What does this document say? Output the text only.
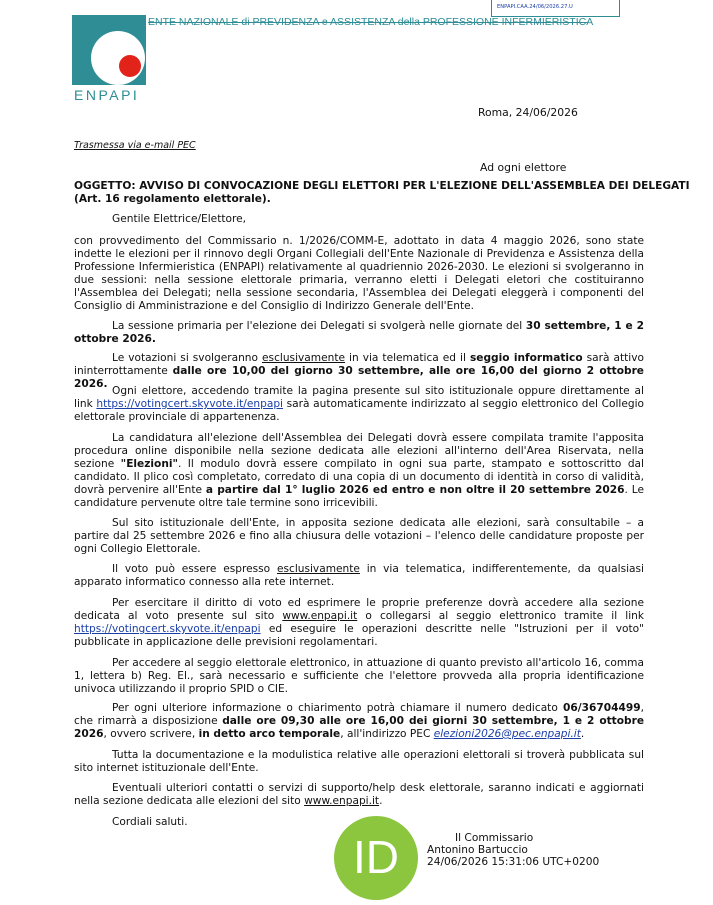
ENPAPI
ENTE NAZIONALE di PREVIDENZA e ASSISTENZA della PROFESSIONE INFERMIERISTICA
ENPAPI.CAA.24/06/2026.27.U
Roma, 24/06/2026
Trasmessa via e-mail PEC
Ad ogni elettore
OGGETTO: AVVISO DI CONVOCAZIONE DEGLI ELETTORI PER L'ELEZIONE DELL'ASSEMBLEA DEI DELEGATI
(Art. 16 regolamento elettorale).
Gentile Elettrice/Elettore,

con provvedimento del Commissario n. 1/2026/COMM-E, adottato in data 4 maggio 2026, sono state indette le elezioni per il rinnovo degli Organi Collegiali dell'Ente Nazionale di Previdenza e Assistenza della Professione Infermieristica (ENPAPI) relativamente al quadriennio 2026-2030. Le elezioni si svolgeranno in due sessioni: nella sessione elettorale primaria, verranno eletti i Delegati eletori che costituiranno l'Assemblea dei Delegati; nella sessione secondaria, l'Assemblea dei Delegati eleggerà i componenti del Consiglio di Amministrazione e del Consiglio di Indirizzo Generale dell'Ente.

La sessione primaria per l'elezione dei Delegati si svolgerà nelle giornate del 30 settembre, 1 e 2 ottobre 2026.

Le votazioni si svolgeranno esclusivamente in via telematica ed il seggio informatico sarà attivo ininterrottamente dalle ore 10,00 del giorno 30 settembre, alle ore 16,00 del giorno 2 ottobre 2026.

Ogni elettore, accedendo tramite la pagina presente sul sito istituzionale oppure direttamente al link https://votingcert.skyvote.it/enpapi sarà automaticamente indirizzato al seggio elettronico del Collegio elettorale provinciale di appartenenza.

La candidatura all'elezione dell'Assemblea dei Delegati dovrà essere compilata tramite l'apposita procedura online disponibile nella sezione dedicata alle elezioni all'interno dell'Area Riservata, nella sezione "Elezioni". Il modulo dovrà essere compilato in ogni sua parte, stampato e sottoscritto dal candidato. Il plico così completato, corredato di una copia di un documento di identità in corso di validità, dovrà pervenire all'Ente a partire dal 1° luglio 2026 ed entro e non oltre il 20 settembre 2026. Le candidature pervenute oltre tale termine sono irricevibili.

Sul sito istituzionale dell'Ente, in apposita sezione dedicata alle elezioni, sarà consultabile – a partire dal 25 settembre 2026 e fino alla chiusura delle votazioni – l'elenco delle candidature proposte per ogni Collegio Elettorale.

Il voto può essere espresso esclusivamente in via telematica, indifferentemente, da qualsiasi apparato informatico connesso alla rete internet.

Per esercitare il diritto di voto ed esprimere le proprie preferenze dovrà accedere alla sezione dedicata al voto presente sul sito www.enpapi.it o collegarsi al seggio elettronico tramite il link https://votingcert.skyvote.it/enpapi ed eseguire le operazioni descritte nelle "Istruzioni per il voto" pubblicate in applicazione delle previsioni regolamentari.

Per accedere al seggio elettorale elettronico, in attuazione di quanto previsto all'articolo 16, comma 1, lettera b) Reg. El., sarà necessario e sufficiente che l'elettore provveda alla propria identificazione univoca utilizzando il proprio SPID o CIE.

Per ogni ulteriore informazione o chiarimento potrà chiamare il numero dedicato 06/36704499, che rimarrà a disposizione dalle ore 09,30 alle ore 16,00 dei giorni 30 settembre, 1 e 2 ottobre 2026, ovvero scrivere, in detto arco temporale, all'indirizzo PEC elezioni2026@pec.enpapi.it.

Tutta la documentazione e la modulistica relative alle operazioni elettorali si troverà pubblicata sul sito internet istituzionale dell'Ente.

Eventuali ulteriori contatti o servizi di supporto/help desk elettorale, saranno indicati e aggiornati nella sezione dedicata alle elezioni del sito www.enpapi.it.

Cordiali saluti.
ID	Il Commissario
Antonino Bartuccio
24/06/2026 15:31:06 UTC+0200
